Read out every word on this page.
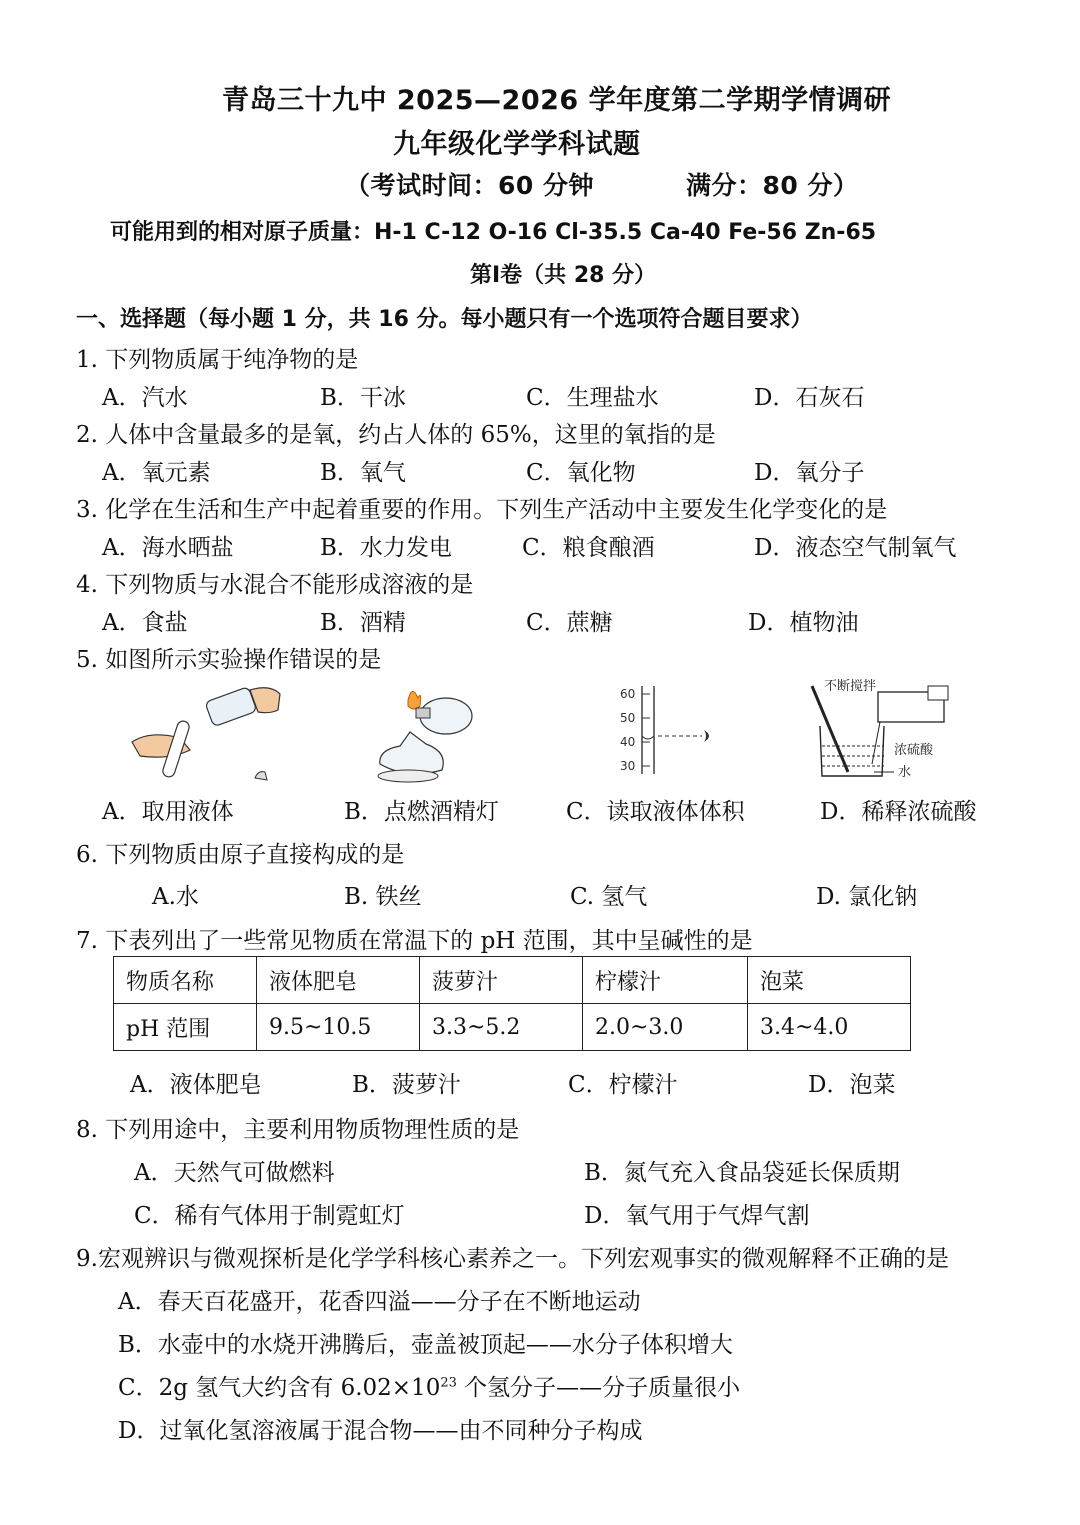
青岛三十九中 2025—2026 学年度第二学期学情调研
九年级化学学科试题
（考试时间：60 分钟	满分：80 分）
可能用到的相对原子质量：H-1 C-12 O-16 Cl-35.5 Ca-40 Fe-56 Zn-65
第Ⅰ卷（共 28 分）
一、选择题（每小题 1 分，共 16 分。每小题只有一个选项符合题目要求）
1. 下列物质属于纯净物的是
A．汽水	B．干冰	C．生理盐水	D．石灰石
2. 人体中含量最多的是氧，约占人体的 65%，这里的氧指的是
A．氧元素	B．氧气	C．氧化物	D．氧分子
3. 化学在生活和生产中起着重要的作用。下列生产活动中主要发生化学变化的是
A．海水晒盐	B．水力发电	C．粮食酿酒	D．液态空气制氧气
4. 下列物质与水混合不能形成溶液的是
A．食盐	B．酒精	C．蔗糖	D．植物油
5. 如图所示实验操作错误的是
60
50
40
30
不断搅拌
浓硫酸
水
A．取用液体	B．点燃酒精灯	C．读取液体体积	D．稀释浓硫酸
6. 下列物质由原子直接构成的是
A.水	B. 铁丝	C. 氢气	D. 氯化钠
7. 下表列出了一些常见物质在常温下的 pH 范围，其中呈碱性的是
物质名称	液体肥皂	菠萝汁	柠檬汁	泡菜
pH 范围	9.5~10.5	3.3~5.2	2.0~3.0	3.4~4.0
A．液体肥皂	B．菠萝汁	C．柠檬汁	D．泡菜
8. 下列用途中，主要利用物质物理性质的是
A．天然气可做燃料	B．氮气充入食品袋延长保质期
C．稀有气体用于制霓虹灯	D．氧气用于气焊气割
9.宏观辨识与微观探析是化学学科核心素养之一。下列宏观事实的微观解释不正确的是
A．春天百花盛开，花香四溢——分子在不断地运动
B．水壶中的水烧开沸腾后，壶盖被顶起——水分子体积增大
C．2g 氢气大约含有 $6.02\times 10^{23}$ 个氢分子——分子质量很小
D．过氧化氢溶液属于混合物——由不同种分子构成
